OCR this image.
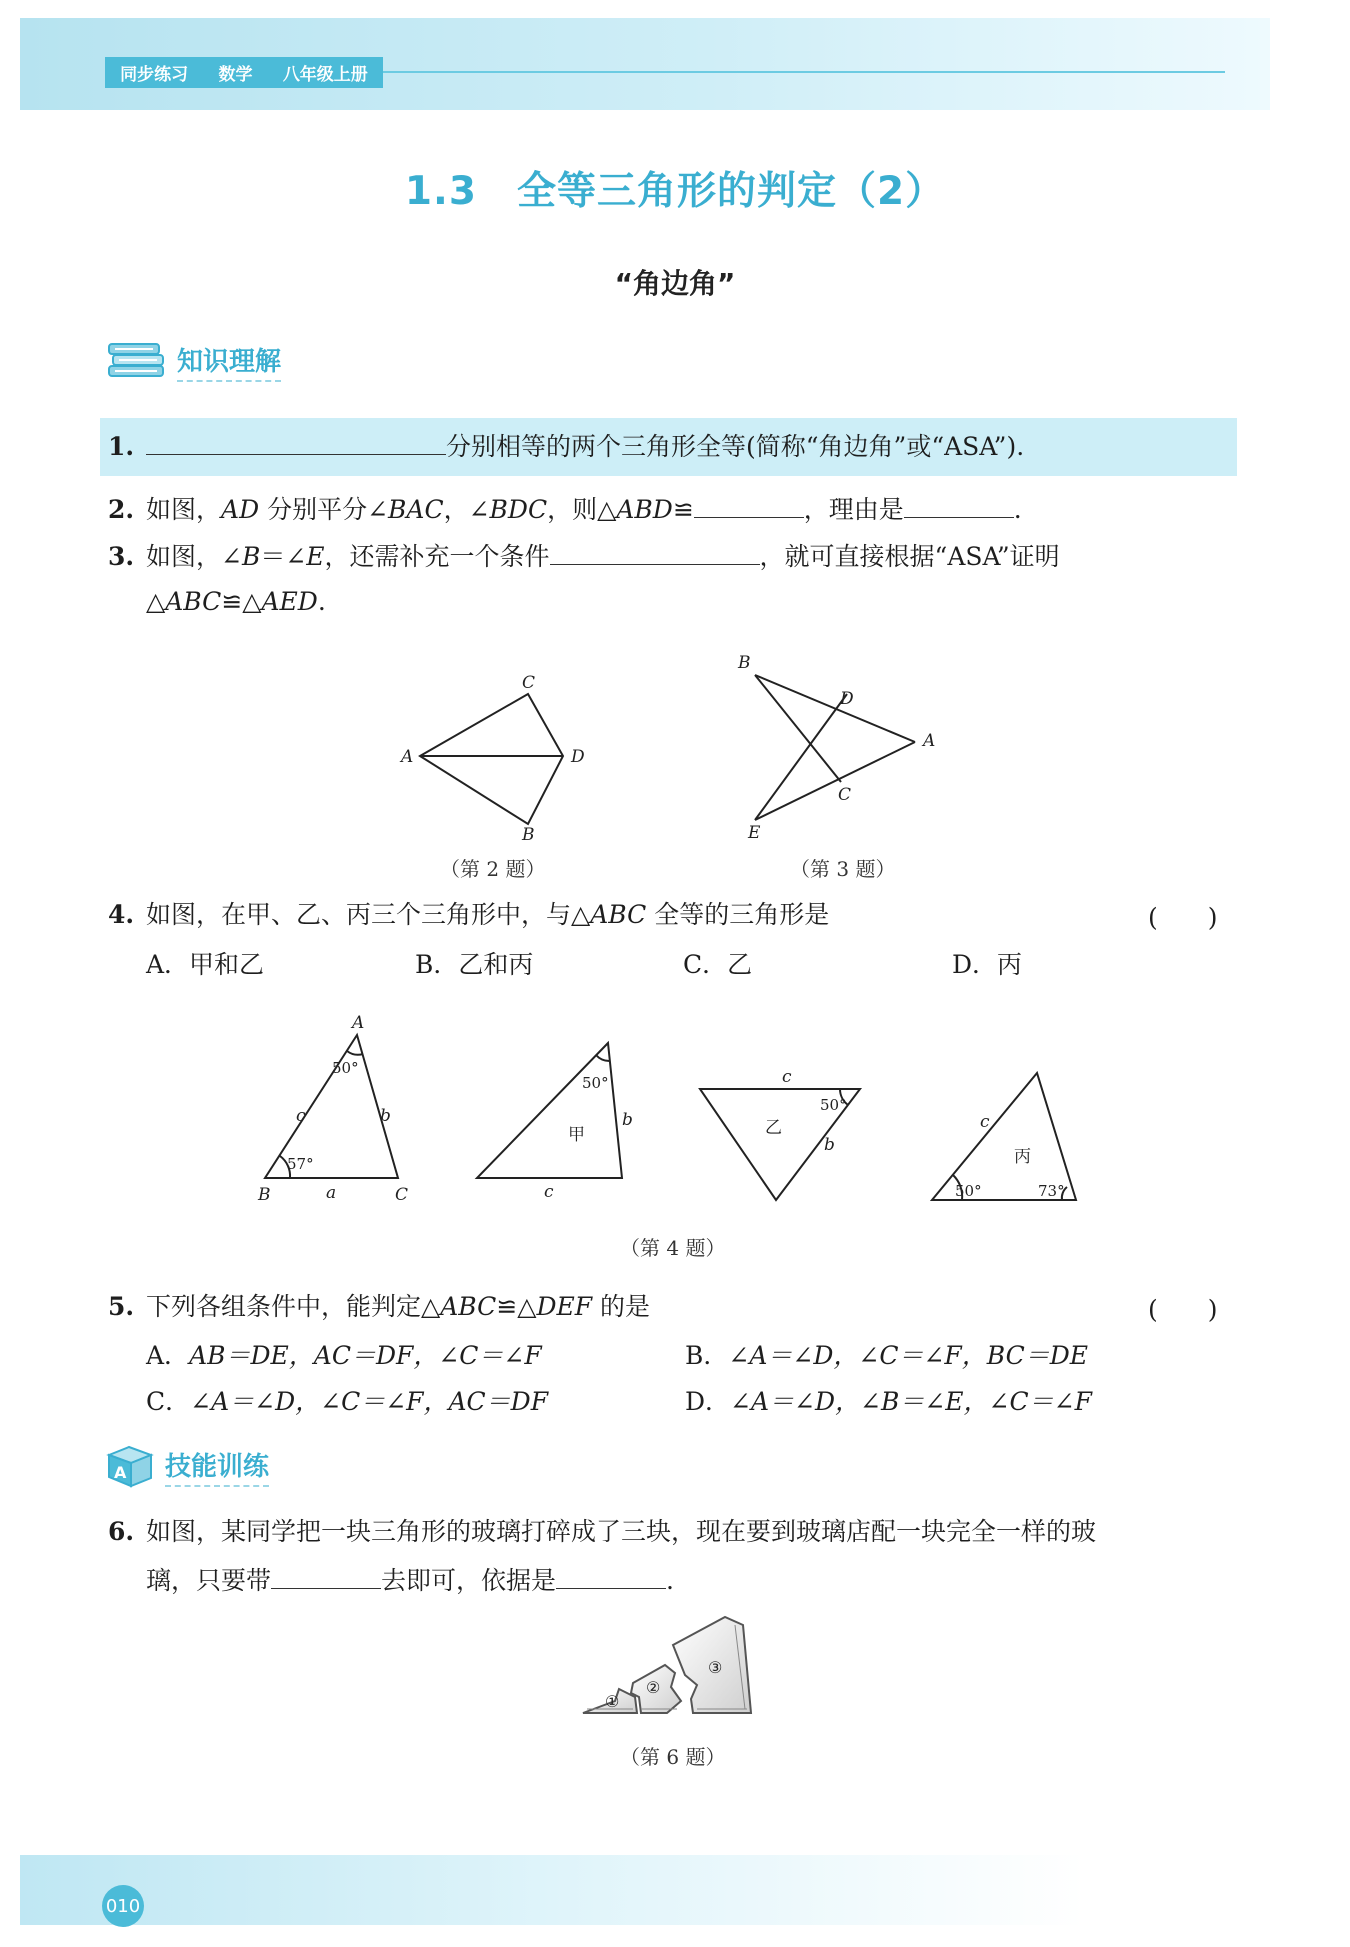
同步练习 数学 八年级上册
1.3 全等三角形的判定（2）
“角边角”
知识理解
1.	分别相等的两个三角形全等(简称“角边角”或“ASA”).
2. 如图，AD 分别平分∠BAC，∠BDC，则△ABD≌	，理由是	.
3. 如图，∠B＝∠E，还需补充一个条件	，就可直接根据“ASA”证明
△ABC≌△AED.
A
C
D
B
（第 2 题）
B
D
A
C
E
（第 3 题）
4. 如图，在甲、乙、丙三个三角形中，与△ABC 全等的三角形是	(　　)
A．甲和乙	B．乙和丙	C．乙	D．丙
A
50°
c	b
57°
B	a	C
50°
b
甲
c
c
50°
乙
b
c
丙
50°	73°
（第 4 题）
5. 下列各组条件中，能判定△ABC≌△DEF 的是	(　　)
A．AB＝DE，AC＝DF，∠C＝∠F	B．∠A＝∠D，∠C＝∠F，BC＝DE
C．∠A＝∠D，∠C＝∠F，AC＝DF	D．∠A＝∠D，∠B＝∠E，∠C＝∠F
A 技能训练
6. 如图，某同学把一块三角形的玻璃打碎成了三块，现在要到玻璃店配一块完全一样的玻
璃，只要带	去即可，依据是	.
①
②
③
（第 6 题）
010
